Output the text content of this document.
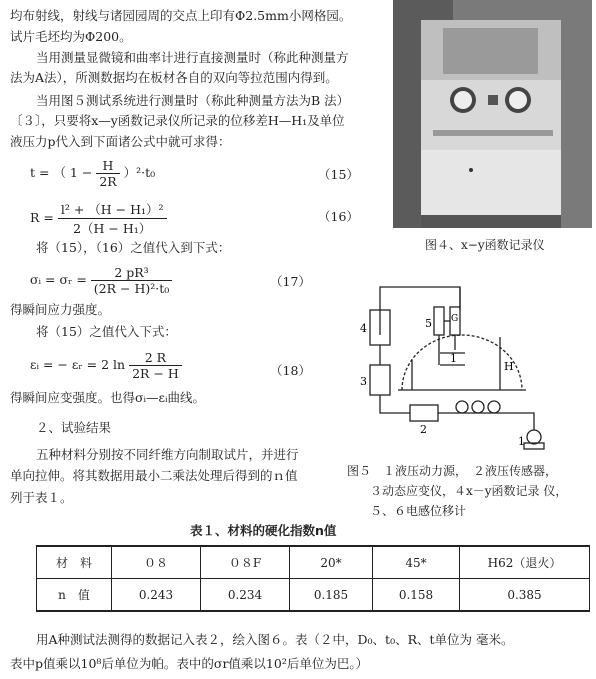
图４、x−y函数记录仪
均布射线，射线与诸园园周的交点上印有Φ2.5mm小网格园。
试片毛坯均为Φ200。
当用测量显微镜和曲率计进行直接测量时（称此种测量方
法为A法），所测数据均在板材各自的双向等拉范围内得到。
当用图５测试系统进行测量时（称此种测量方法为B 法）
〔３〕，只要将x—y函数记录仪所记录的位移差H—H₁及单位
液压力p代入到下面诸公式中就可求得：
t = （ $1 - \frac{H}{2R} )^2\cdot t_0$	（15）
$R = \frac{\text{l² + （H − H₁）²}}{\text{2（H − H₁）}}$	（16）
将（15），（16）之值代入到下式：
σᵢ = σᵣ = $\frac{\text{2 pR³}}{\text{(2R − H)²·t₀}}$	（17）
得瞬间应力强度。
将（15）之值代入下式：
εᵢ = − εᵣ = 2 $\ln \frac{2 R}{2R - H}$	（18）
得瞬间应变强度。也得σᵢ—εᵢ曲线。
２、试验结果
五种材料分别按不同纤维方向制取试片，并进行
单向拉伸。将其数据用最小二乘法处理后得到的ｎ值
列于表１。
4	5 G
1
H
3
2
1
图５　１液压动力源，　２液压传感器，
３动态应变仪，４x－y函数记录 仪，
５、６电感位移计
表１、材料的硬化指数n值
材　料	０８	０８F	20*	45*	H62（退火）
n　值	0.243	0.234	0.185	0.158	0.385
用A种测试法测得的数据记入表２，绘入图６。表（２中，D₀、t₀、R、t单位为 毫米。
表中p值乘以10⁸后单位为帕。表中的σr值乘以10²后单位为巴。）
